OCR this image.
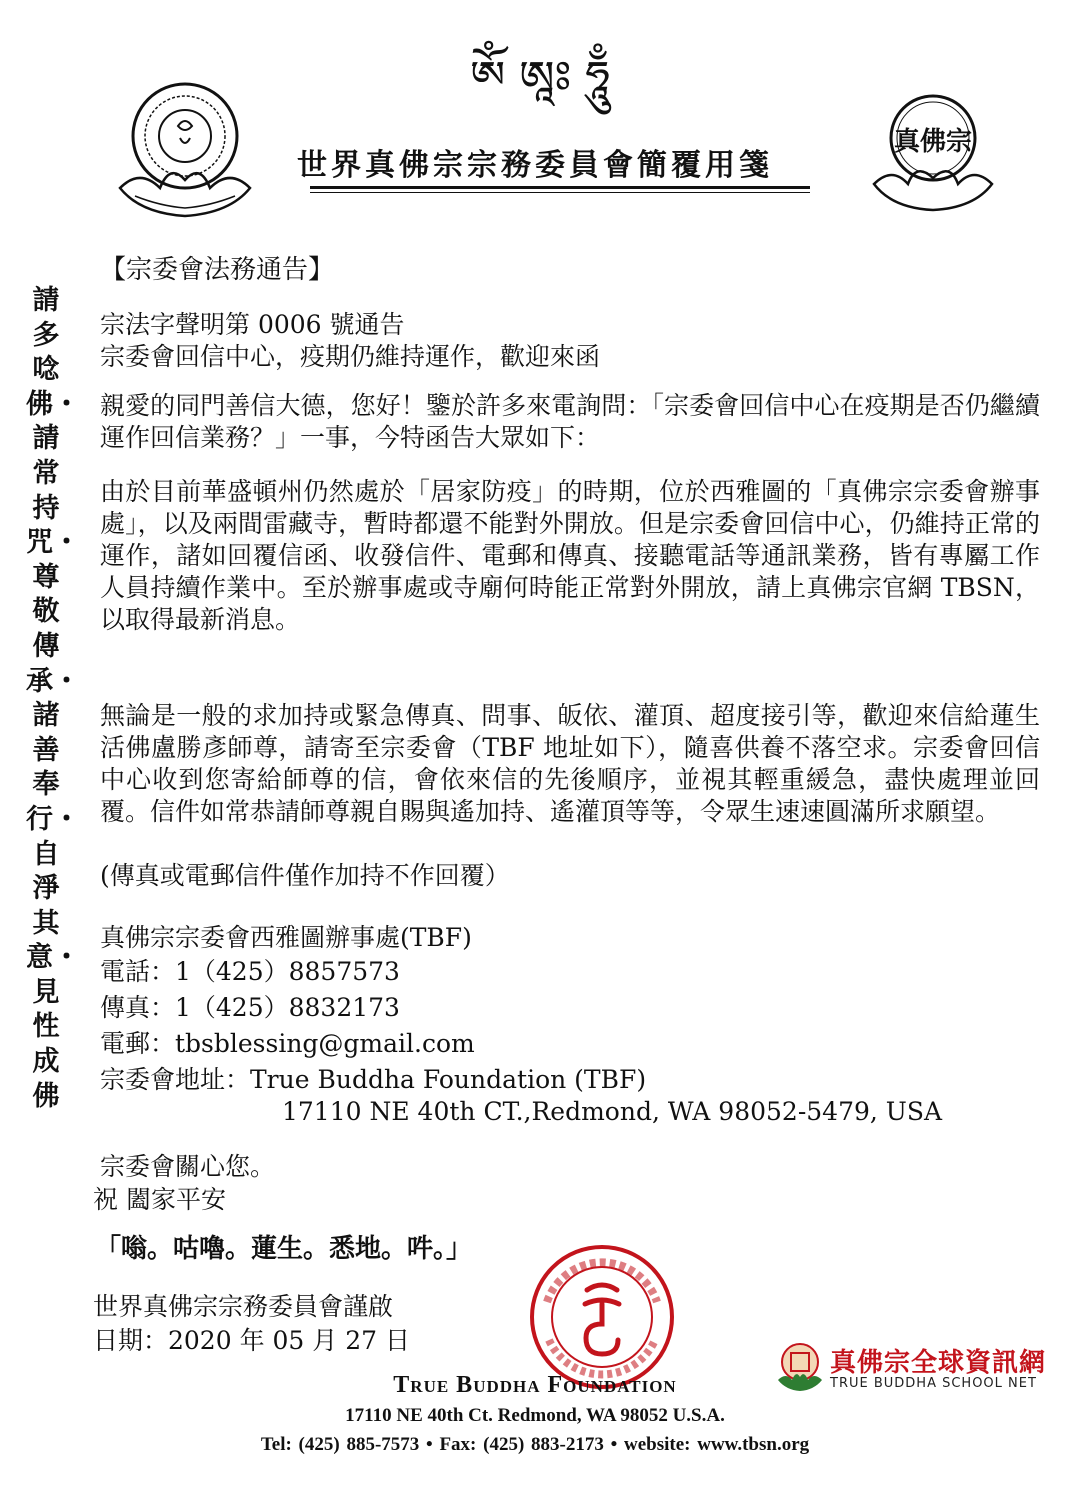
ༀ ཨཱཿ ཧཱུྃ
世界真佛宗宗務委員會簡覆用箋
真佛宗
請多唸佛・請常持咒・尊敬傳承・諸善奉行・自淨其意・見性成佛
【宗委會法務通告】
宗法字聲明第 0006 號通告
宗委會回信中心，疫期仍維持運作，歡迎來函
親愛的同門善信大德，您好！鑒於許多來電詢問：「宗委會回信中心在疫期是否仍繼續運作回信業務？」一事，今特函告大眾如下：
由於目前華盛頓州仍然處於「居家防疫」的時期，位於西雅圖的「真佛宗宗委會辦事處」，以及兩間雷藏寺，暫時都還不能對外開放。但是宗委會回信中心，仍維持正常的運作，諸如回覆信函、收發信件、電郵和傳真、接聽電話等通訊業務，皆有專屬工作人員持續作業中。至於辦事處或寺廟何時能正常對外開放，請上真佛宗官網 TBSN，以取得最新消息。
無論是一般的求加持或緊急傳真、問事、皈依、灌頂、超度接引等，歡迎來信給蓮生活佛盧勝彥師尊，請寄至宗委會（TBF 地址如下），隨喜供養不落空求。宗委會回信中心收到您寄給師尊的信，會依來信的先後順序，並視其輕重緩急，盡快處理並回覆。信件如常恭請師尊親自賜與遙加持、遙灌頂等等，令眾生速速圓滿所求願望。
(傳真或電郵信件僅作加持不作回覆）
真佛宗宗委會西雅圖辦事處(TBF)
電話：1（425）8857573
傳真：1（425）8832173
電郵：tbsblessing@gmail.com
宗委會地址：True Buddha Foundation (TBF)
17110 NE 40th CT.,Redmond, WA 98052-5479, USA
宗委會關心您。
祝 闔家平安
「嗡。咕嚕。蓮生。悉地。吽。」
世界真佛宗宗務委員會謹啟
日期：2020 年 05 月 27 日
True Buddha Foundation
17110 NE 40th Ct. Redmond, WA 98052 U.S.A.
Tel: (425) 885-7573 • Fax: (425) 883-2173 • website: www.tbsn.org
真佛宗全球資訊網
TRUE BUDDHA SCHOOL NET
